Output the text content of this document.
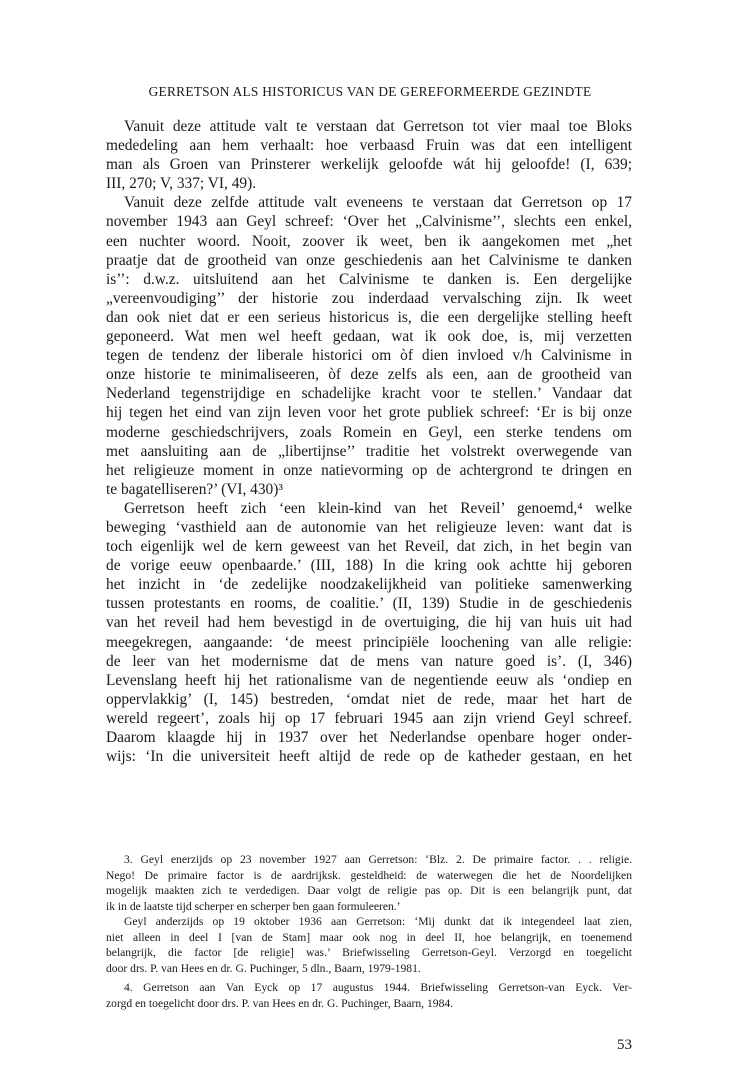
GERRETSON ALS HISTORICUS VAN DE GEREFORMEERDE GEZINDTE
Vanuit deze attitude valt te verstaan dat Gerretson tot vier maal toe Bloks
mededeling aan hem verhaalt: hoe verbaasd Fruin was dat een intelligent
man als Groen van Prinsterer werkelijk geloofde wát hij geloofde! (I, 639;
III, 270; V, 337; VI, 49).
Vanuit deze zelfde attitude valt eveneens te verstaan dat Gerretson op 17
november 1943 aan Geyl schreef: ‘Over het „Calvinisme’’, slechts een enkel,
een nuchter woord. Nooit, zoover ik weet, ben ik aangekomen met „het
praatje dat de grootheid van onze geschiedenis aan het Calvinisme te danken
is’’: d.w.z. uitsluitend aan het Calvinisme te danken is. Een dergelijke
„vereenvoudiging’’ der historie zou inderdaad vervalsching zijn. Ik weet
dan ook niet dat er een serieus historicus is, die een dergelijke stelling heeft
geponeerd. Wat men wel heeft gedaan, wat ik ook doe, is, mij verzetten
tegen de tendenz der liberale historici om òf dien invloed v/h Calvinisme in
onze historie te minimaliseeren, òf deze zelfs als een, aan de grootheid van
Nederland tegenstrijdige en schadelijke kracht voor te stellen.’ Vandaar dat
hij tegen het eind van zijn leven voor het grote publiek schreef: ‘Er is bij onze
moderne geschiedschrijvers, zoals Romein en Geyl, een sterke tendens om
met aansluiting aan de „libertijnse’’ traditie het volstrekt overwegende van
het religieuze moment in onze natievorming op de achtergrond te dringen en
te bagatelliseren?’ (VI, 430)³
Gerretson heeft zich ‘een klein-kind van het Reveil’ genoemd,⁴ welke
beweging ‘vasthield aan de autonomie van het religieuze leven: want dat is
toch eigenlijk wel de kern geweest van het Reveil, dat zich, in het begin van
de vorige eeuw openbaarde.’ (III, 188) In die kring ook achtte hij geboren
het inzicht in ‘de zedelijke noodzakelijkheid van politieke samenwerking
tussen protestants en rooms, de coalitie.’ (II, 139) Studie in de geschiedenis
van het reveil had hem bevestigd in de overtuiging, die hij van huis uit had
meegekregen, aangaande: ‘de meest principiële loochening van alle religie:
de leer van het modernisme dat de mens van nature goed is’. (I, 346)
Levenslang heeft hij het rationalisme van de negentiende eeuw als ‘ondiep en
oppervlakkig’ (I, 145) bestreden, ‘omdat niet de rede, maar het hart de
wereld regeert’, zoals hij op 17 februari 1945 aan zijn vriend Geyl schreef.
Daarom klaagde hij in 1937 over het Nederlandse openbare hoger onder-
wijs: ‘In die universiteit heeft altijd de rede op de katheder gestaan, en het
53
3. Geyl enerzijds op 23 november 1927 aan Gerretson: ‘Blz. 2. De primaire factor. . . religie.
Nego! De primaire factor is de aardrijksk. gesteldheid: de waterwegen die het de Noordelijken
mogelijk maakten zich te verdedigen. Daar volgt de religie pas op. Dit is een belangrijk punt, dat
ik in de laatste tijd scherper en scherper ben gaan formuleeren.’
Geyl anderzijds op 19 oktober 1936 aan Gerretson: ‘Mij dunkt dat ik integendeel laat zien,
niet alleen in deel I [van de Stam] maar ook nog in deel II, hoe belangrijk, en toenemend
belangrijk, die factor [de religie] was.’ Briefwisseling Gerretson-Geyl. Verzorgd en toegelicht
door drs. P. van Hees en dr. G. Puchinger, 5 dln., Baarn, 1979-1981.
4. Gerretson aan Van Eyck op 17 augustus 1944. Briefwisseling Gerretson-van Eyck. Ver-
zorgd en toegelicht door drs. P. van Hees en dr. G. Puchinger, Baarn, 1984.
